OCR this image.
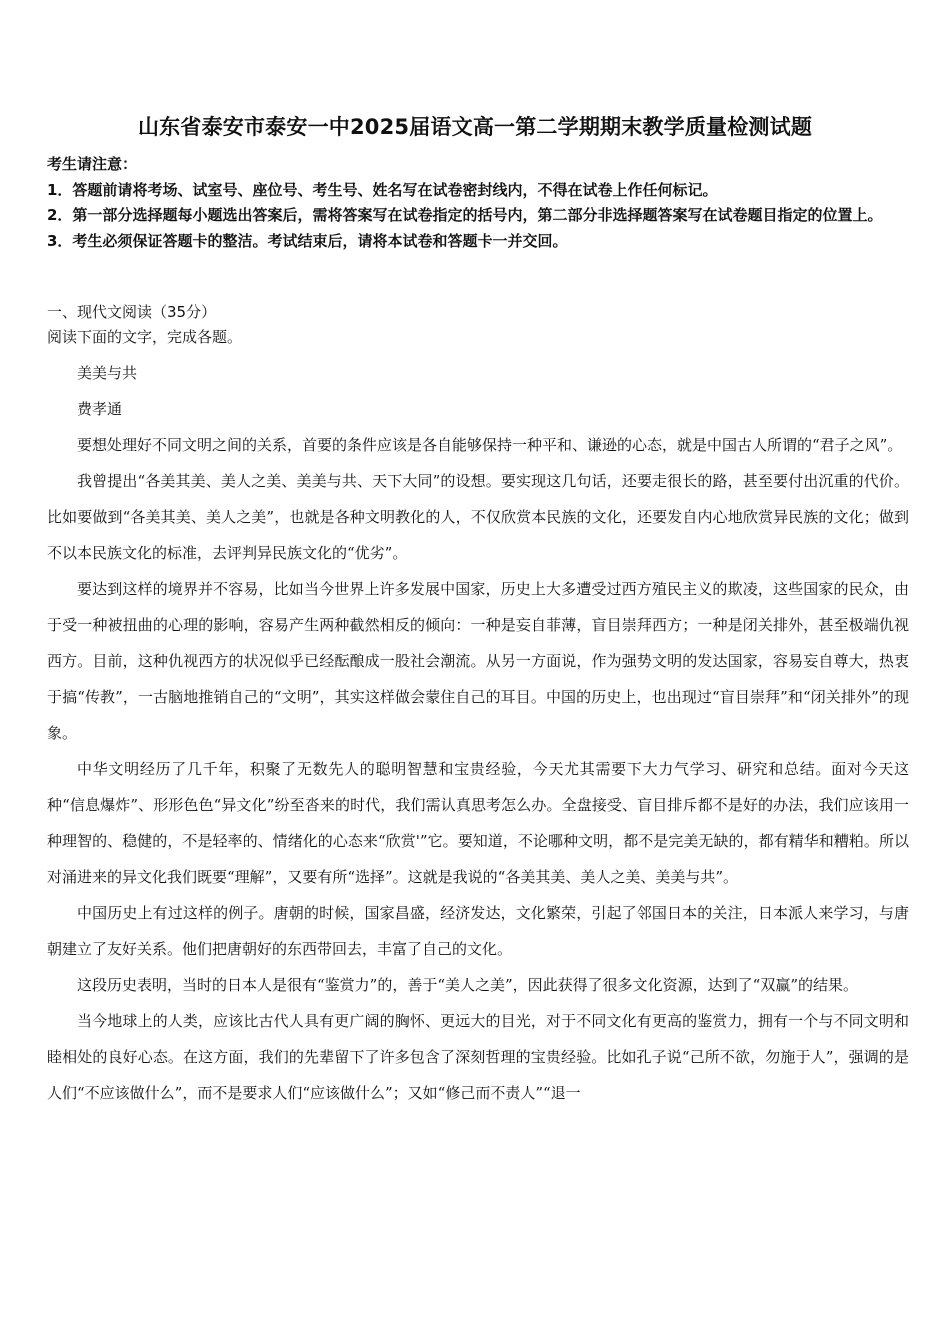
山东省泰安市泰安一中2025届语文高一第二学期期末教学质量检测试题

考生请注意：

1．答题前请将考场、试室号、座位号、考生号、姓名写在试卷密封线内，不得在试卷上作任何标记。

2．第一部分选择题每小题选出答案后，需将答案写在试卷指定的括号内，第二部分非选择题答案写在试卷题目指定的位置上。

3．考生必须保证答题卡的整洁。考试结束后，请将本试卷和答题卡一并交回。

一、现代文阅读（35分）

阅读下面的文字，完成各题。

美美与共

费孝通

要想处理好不同文明之间的关系，首要的条件应该是各自能够保持一种平和、谦逊的心态，就是中国古人所谓的“君子之风”。

我曾提出“各美其美、美人之美、美美与共、天下大同”的设想。要实现这几句话，还要走很长的路，甚至要付出沉重的代价。比如要做到“各美其美、美人之美”，也就是各种文明教化的人，不仅欣赏本民族的文化，还要发自内心地欣赏异民族的文化；做到不以本民族文化的标准，去评判异民族文化的“优劣”。

要达到这样的境界并不容易，比如当今世界上许多发展中国家，历史上大多遭受过西方殖民主义的欺凌，这些国家的民众，由于受一种被扭曲的心理的影响，容易产生两种截然相反的倾向：一种是妄自菲薄，盲目崇拜西方；一种是闭关排外，甚至极端仇视西方。目前，这种仇视西方的状况似乎已经酝酿成一股社会潮流。从另一方面说，作为强势文明的发达国家，容易妄自尊大，热衷于搞“传教”，一古脑地推销自己的“文明”，其实这样做会蒙住自己的耳目。中国的历史上，也出现过“盲目崇拜”和“闭关排外”的现象。

中华文明经历了几千年，积聚了无数先人的聪明智慧和宝贵经验，今天尤其需要下大力气学习、研究和总结。面对今天这种“信息爆炸”、形形色色“异文化”纷至沓来的时代，我们需认真思考怎么办。全盘接受、盲目排斥都不是好的办法，我们应该用一种理智的、稳健的，不是轻率的、情绪化的心态来“欣赏'”它。要知道，不论哪种文明，都不是完美无缺的，都有精华和糟粕。所以对涌进来的异文化我们既要“理解”，又要有所“选择”。这就是我说的“各美其美、美人之美、美美与共”。

中国历史上有过这样的例子。唐朝的时候，国家昌盛，经济发达，文化繁荣，引起了邻国日本的关注，日本派人来学习，与唐朝建立了友好关系。他们把唐朝好的东西带回去，丰富了自己的文化。

这段历史表明，当时的日本人是很有“鉴赏力”的，善于“美人之美”，因此获得了很多文化资源，达到了“双赢”的结果。

当今地球上的人类，应该比古代人具有更广阔的胸怀、更远大的目光，对于不同文化有更高的鉴赏力，拥有一个与不同文明和睦相处的良好心态。在这方面，我们的先辈留下了许多包含了深刻哲理的宝贵经验。比如孔子说“己所不欲，勿施于人”，强调的是人们“不应该做什么”，而不是要求人们“应该做什么”；又如“修己而不责人”“退一
